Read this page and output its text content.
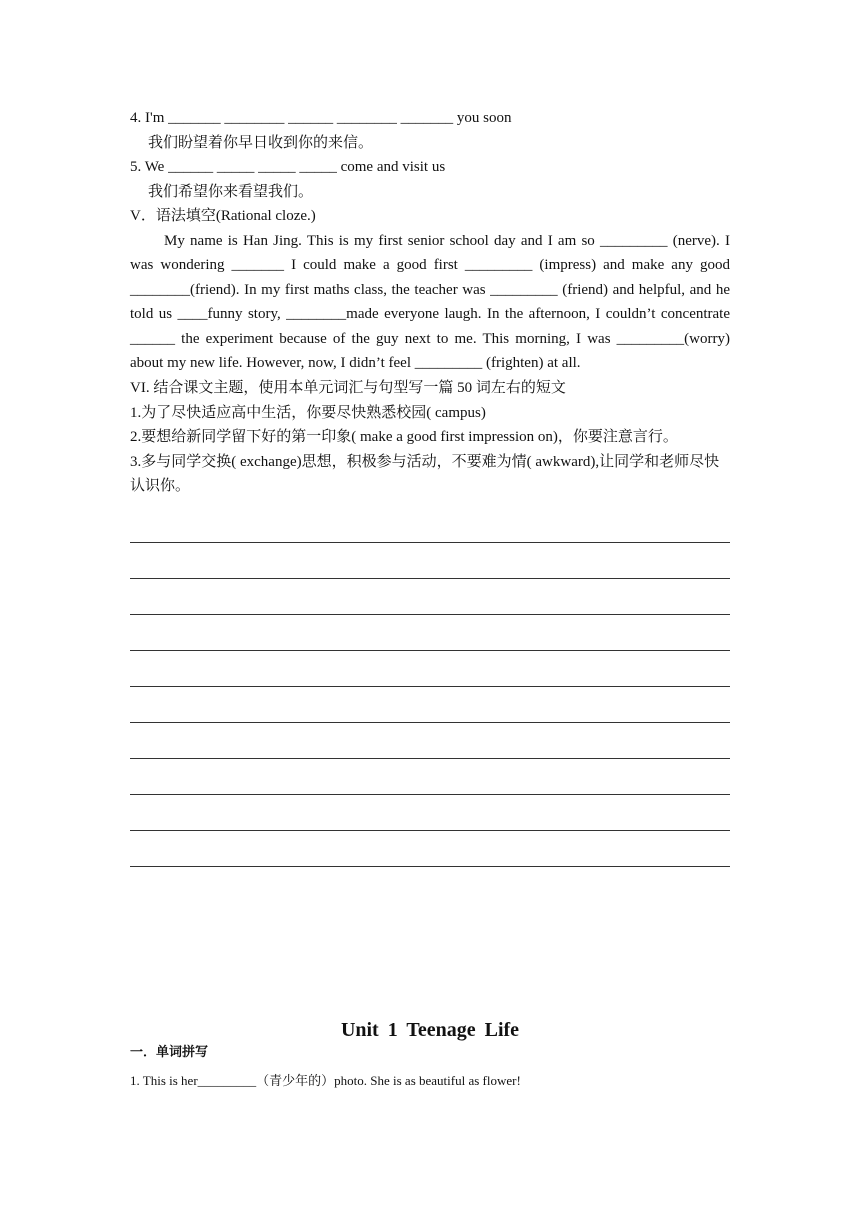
4. I'm _______ ________ ______ ________ _______ you soon
我们盼望着你早日收到你的来信。
5. We ______ _____ _____ _____ come and visit us
我们希望你来看望我们。
V．语法填空(Rational cloze.)

My name is Han Jing. This is my first senior school day and I am so _________ (nerve). I was wondering _______ I could make a good first _________ (impress) and make any good ________(friend). In my first maths class, the teacher was _________ (friend) and helpful, and he told us ____funny story, ________made everyone laugh. In the afternoon, I couldn’t concentrate ______ the experiment because of the guy next to me. This morning, I was _________(worry) about my new life. However, now, I didn’t feel _________ (frighten) at all.

VI. 结合课文主题，使用本单元词汇与句型写一篇 50 词左右的短文

1.为了尽快适应高中生活，你要尽快熟悉校园( campus)

2.要想给新同学留下好的第一印象( make a good first impression on)，你要注意言行。

3.多与同学交换( exchange)思想，积极参与活动，不要难为情( awkward),让同学和老师尽快认识你。

Unit 1 Teenage Life
一．单词拼写
1. This is her_________（青少年的）photo. She is as beautiful as flower!
